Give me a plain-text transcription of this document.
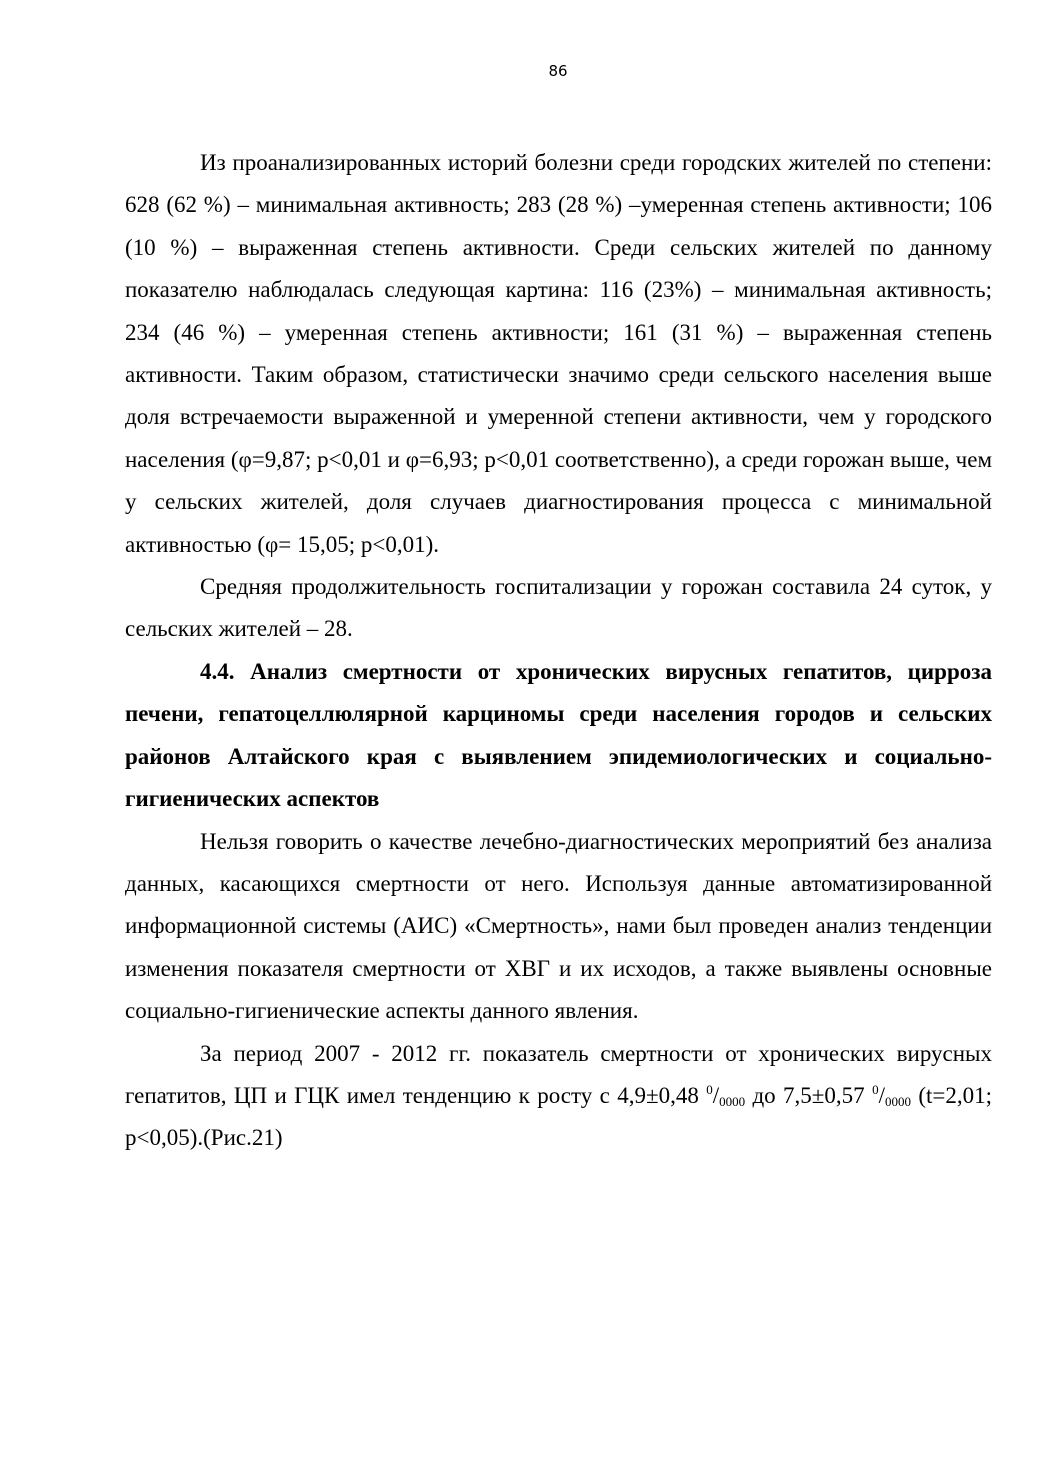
86

Из проанализированных историй болезни среди городских жителей по степени: 628 (62 %) – минимальная активность; 283 (28 %) –умеренная степень активности; 106 (10 %) – выраженная степень активности. Среди сельских жителей по данному показателю наблюдалась следующая картина: 116 (23%) – минимальная активность; 234 (46 %) – умеренная степень активности; 161 (31 %) – выраженная степень активности. Таким образом, статистически значимо среди сельского населения выше доля встречаемости выраженной и умеренной степени активности, чем у городского населения (φ=9,87; p<0,01 и φ=6,93; p<0,01 соответственно), а среди горожан выше, чем у сельских жителей, доля случаев диагностирования процесса с минимальной активностью (φ= 15,05; p<0,01).

Средняя продолжительность госпитализации у горожан составила 24 суток, у сельских жителей – 28.

4.4. Анализ смертности от хронических вирусных гепатитов, цирроза печени, гепатоцеллюлярной карциномы среди населения городов и сельских районов Алтайского края с выявлением эпидемиологических и социально-гигиенических аспектов

Нельзя говорить о качестве лечебно-диагностических мероприятий без анализа данных, касающихся смертности от него. Используя данные автоматизированной информационной системы (АИС) «Смертность», нами был проведен анализ тенденции изменения показателя смертности от ХВГ и их исходов, а также выявлены основные социально-гигиенические аспекты данного явления.

За период 2007 - 2012 гг. показатель смертности от хронических вирусных гепатитов, ЦП и ГЦК имел тенденцию к росту с 4,9±0,48 $^0/_{0000}$ до 7,5±0,57 $^0/_{0000}$ (t=2,01; p<0,05).(Рис.21)
